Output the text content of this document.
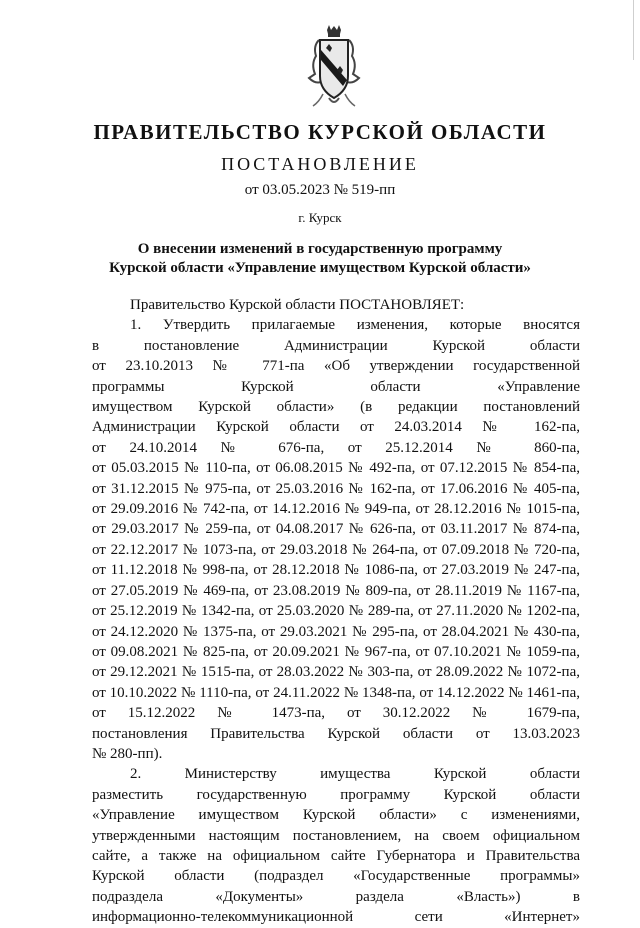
ПРАВИТЕЛЬСТВО КУРСКОЙ ОБЛАСТИ
ПОСТАНОВЛЕНИЕ
от 03.05.2023 № 519-пп
г. Курск
О внесении изменений в государственную программу
Курской области «Управление имуществом Курской области»
Правительство Курской области ПОСТАНОВЛЯЕТ:
1. Утвердить прилагаемые изменения, которые вносятся
в постановление Администрации Курской области
от 23.10.2013 № 771-па «Об утверждении государственной
программы Курской области «Управление
имуществом Курской области» (в редакции постановлений
Администрации Курской области от 24.03.2014 № 162-па,
от 24.10.2014 № 676-па, от 25.12.2014 № 860-па,
от 05.03.2015 № 110-па, от 06.08.2015 № 492-па, от 07.12.2015 № 854-па,
от 31.12.2015 № 975-па, от 25.03.2016 № 162-па, от 17.06.2016 № 405-па,
от 29.09.2016 № 742-па, от 14.12.2016 № 949-па, от 28.12.2016 № 1015-па,
от 29.03.2017 № 259-па, от 04.08.2017 № 626-па, от 03.11.2017 № 874-па,
от 22.12.2017 № 1073-па, от 29.03.2018 № 264-па, от 07.09.2018 № 720-па,
от 11.12.2018 № 998-па, от 28.12.2018 № 1086-па, от 27.03.2019 № 247-па,
от 27.05.2019 № 469-па, от 23.08.2019 № 809-па, от 28.11.2019 № 1167-па,
от 25.12.2019 № 1342-па, от 25.03.2020 № 289-па, от 27.11.2020 № 1202-па,
от 24.12.2020 № 1375-па, от 29.03.2021 № 295-па, от 28.04.2021 № 430-па,
от 09.08.2021 № 825-па, от 20.09.2021 № 967-па, от 07.10.2021 № 1059-па,
от 29.12.2021 № 1515-па, от 28.03.2022 № 303-па, от 28.09.2022 № 1072-па,
от 10.10.2022 № 1110-па, от 24.11.2022 № 1348-па, от 14.12.2022 № 1461-па,
от 15.12.2022 № 1473-па, от 30.12.2022 № 1679-па,
постановления Правительства Курской области от 13.03.2023
№ 280-пп).
2. Министерству имущества Курской области
разместить государственную программу Курской области
«Управление имуществом Курской области» с изменениями,
утвержденными настоящим постановлением, на своем официальном
сайте, а также на официальном сайте Губернатора и Правительства
Курской области (подраздел «Государственные программы»
подраздела «Документы» раздела «Власть») в
информационно-телекоммуникационной сети «Интернет»
